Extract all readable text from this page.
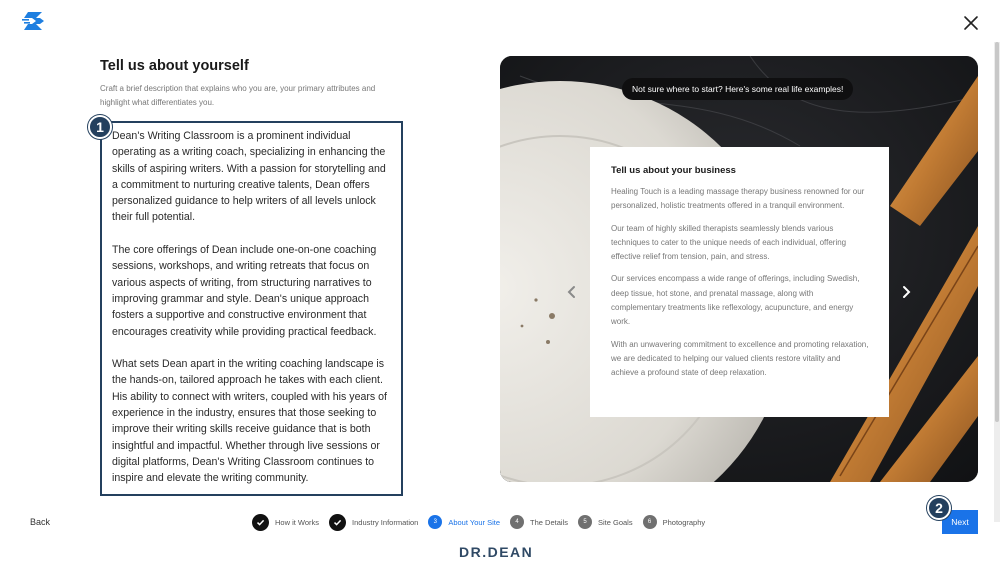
Tell us about yourself
Craft a brief description that explains who you are, your primary attributes and highlight what differentiates you.
1

Dean's Writing Classroom is a prominent individual operating as a writing coach, specializing in enhancing the skills of aspiring writers. With a passion for storytelling and a commitment to nurturing creative talents, Dean offers personalized guidance to help writers of all levels unlock their full potential.

The core offerings of Dean include one-on-one coaching sessions, workshops, and writing retreats that focus on various aspects of writing, from structuring narratives to improving grammar and style. Dean's unique approach fosters a supportive and constructive environment that encourages creativity while providing practical feedback.

What sets Dean apart in the writing coaching landscape is the hands-on, tailored approach he takes with each client. His ability to connect with writers, coupled with his years of experience in the industry, ensures that those seeking to improve their writing skills receive guidance that is both insightful and impactful. Whether through live sessions or digital platforms, Dean's Writing Classroom continues to inspire and elevate the writing community.

Not sure where to start? Here's some real life examples!
Tell us about your business
Healing Touch is a leading massage therapy business renowned for our personalized, holistic treatments offered in a tranquil environment.
Our team of highly skilled therapists seamlessly blends various techniques to cater to the unique needs of each individual, offering effective relief from tension, pain, and stress.
Our services encompass a wide range of offerings, including Swedish, deep tissue, hot stone, and prenatal massage, along with complementary treatments like reflexology, acupuncture, and energy work.
With an unwavering commitment to excellence and promoting relaxation, we are dedicated to helping our valued clients restore vitality and achieve a profound state of deep relaxation.
Back	How it Works	Industry Information	3	About Your Site	4	The Details	5	Site Goals	6	Photography
2
Next
DR.DEAN
